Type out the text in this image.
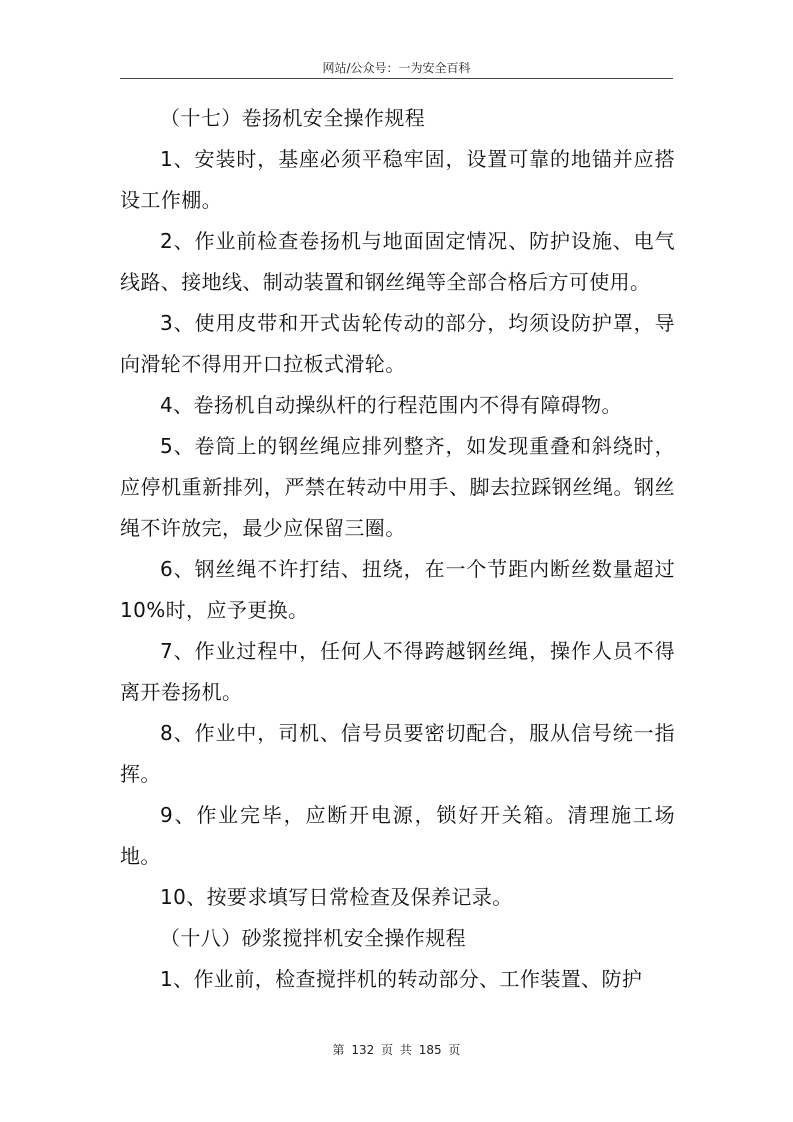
网站/公众号：一为安全百科

（十七）卷扬机安全操作规程

1、安装时，基座必须平稳牢固，设置可靠的地锚并应搭设工作棚。

2、作业前检查卷扬机与地面固定情况、防护设施、电气线路、接地线、制动装置和钢丝绳等全部合格后方可使用。

3、使用皮带和开式齿轮传动的部分，均须设防护罩，导向滑轮不得用开口拉板式滑轮。

4、卷扬机自动操纵杆的行程范围内不得有障碍物。

5、卷筒上的钢丝绳应排列整齐，如发现重叠和斜绕时，应停机重新排列，严禁在转动中用手、脚去拉踩钢丝绳。钢丝绳不许放完，最少应保留三圈。

6、钢丝绳不许打结、扭绕，在一个节距内断丝数量超过 10%时，应予更换。

7、作业过程中，任何人不得跨越钢丝绳，操作人员不得离开卷扬机。

8、作业中，司机、信号员要密切配合，服从信号统一指挥。

9、作业完毕，应断开电源，锁好开关箱。清理施工场地。

10、按要求填写日常检查及保养记录。

（十八）砂浆搅拌机安全操作规程

1、作业前，检查搅拌机的转动部分、工作装置、防护

第 132 页 共 185 页
